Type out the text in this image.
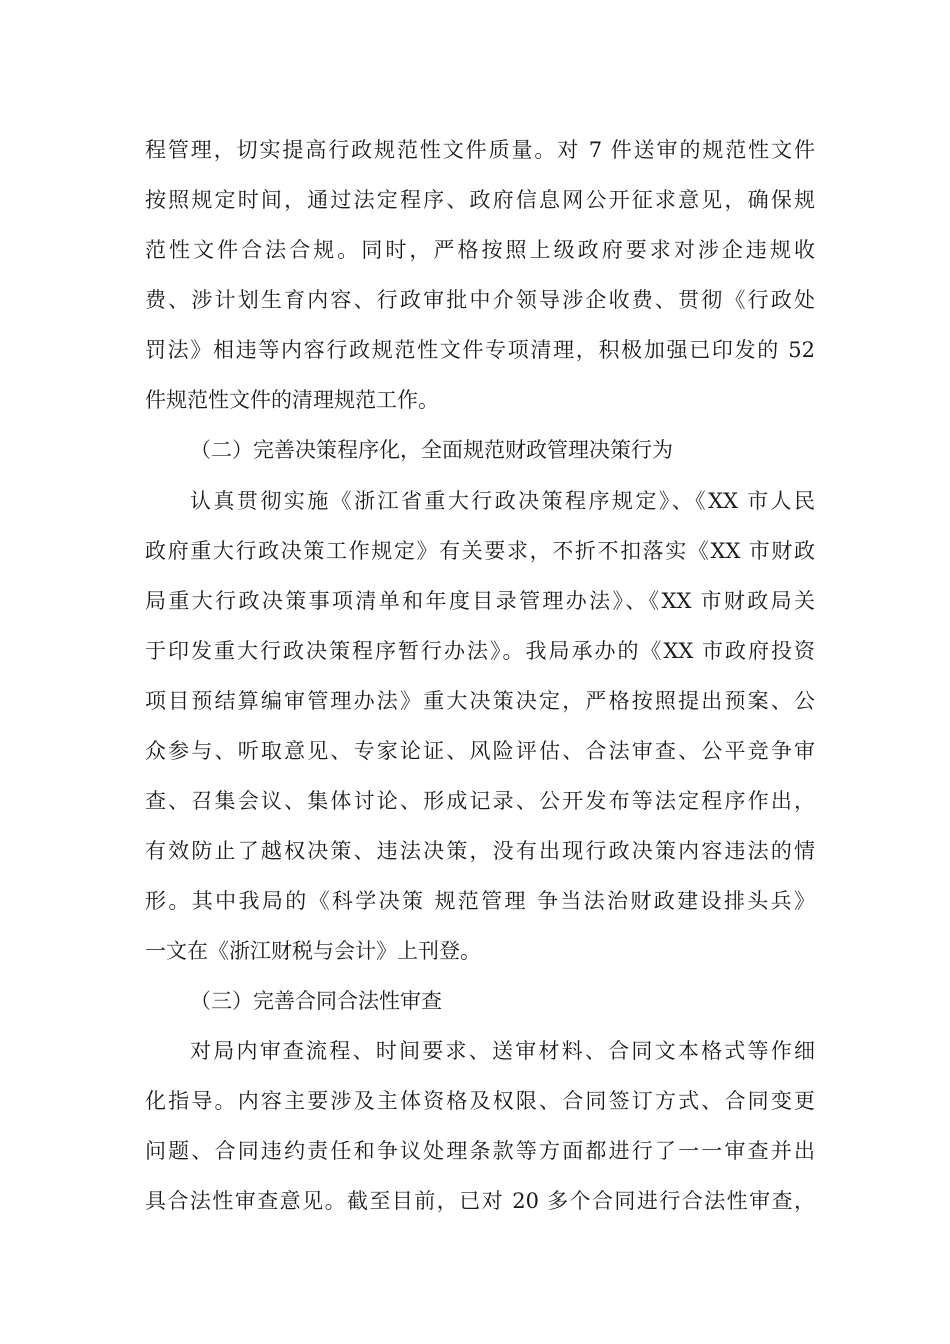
程管理，切实提高行政规范性文件质量。对 7 件送审的规范性文件
按照规定时间，通过法定程序、政府信息网公开征求意见，确保规
范性文件合法合规。同时，严格按照上级政府要求对涉企违规收
费、涉计划生育内容、行政审批中介领导涉企收费、贯彻《行政处
罚法》相违等内容行政规范性文件专项清理，积极加强已印发的 52
件规范性文件的清理规范工作。
（二）完善决策程序化，全面规范财政管理决策行为
认真贯彻实施《浙江省重大行政决策程序规定》、《XX 市人民
政府重大行政决策工作规定》有关要求，不折不扣落实《XX 市财政
局重大行政决策事项清单和年度目录管理办法》、《XX 市财政局关
于印发重大行政决策程序暂行办法》。我局承办的《XX 市政府投资
项目预结算编审管理办法》重大决策决定，严格按照提出预案、公
众参与、听取意见、专家论证、风险评估、合法审查、公平竞争审
查、召集会议、集体讨论、形成记录、公开发布等法定程序作出，
有效防止了越权决策、违法决策，没有出现行政决策内容违法的情
形。其中我局的《科学决策 规范管理 争当法治财政建设排头兵》
一文在《浙江财税与会计》上刊登。
（三）完善合同合法性审查
对局内审查流程、时间要求、送审材料、合同文本格式等作细
化指导。内容主要涉及主体资格及权限、合同签订方式、合同变更
问题、合同违约责任和争议处理条款等方面都进行了一一审查并出
具合法性审查意见。截至目前，已对 20 多个合同进行合法性审查，
